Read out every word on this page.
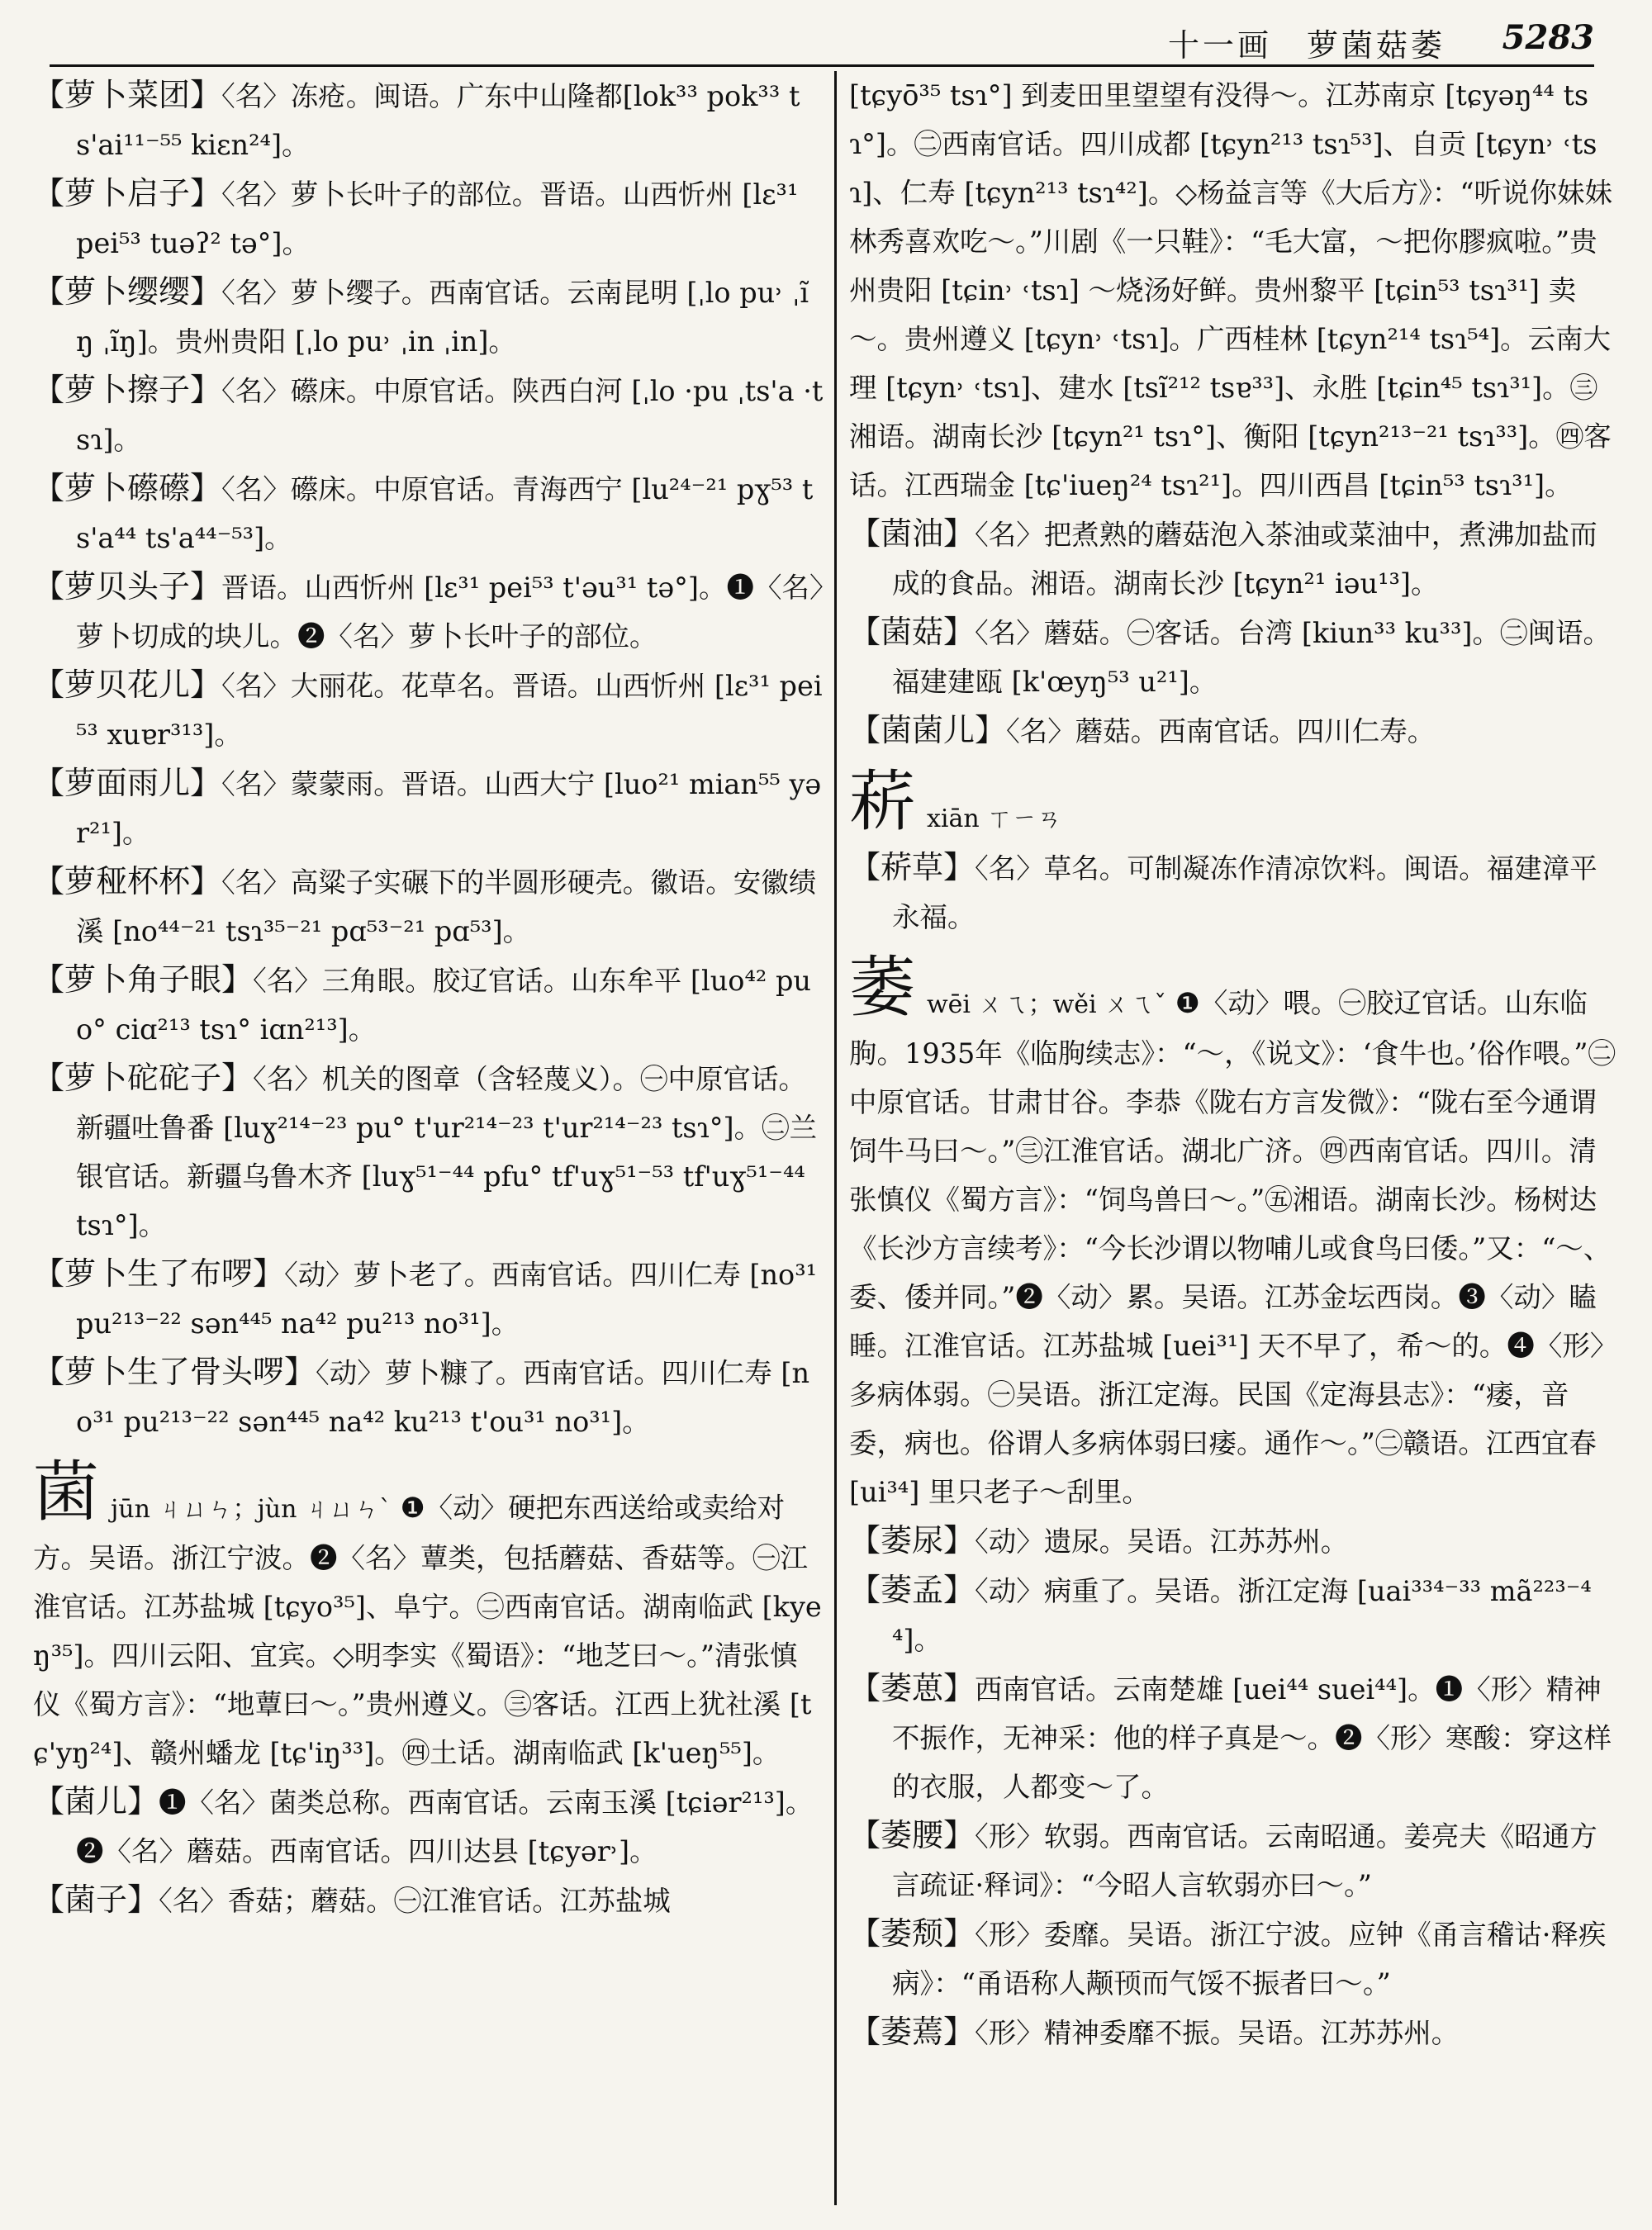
十一画　萝菌菇萎 5283

【萝卜菜团】〈名〉冻疮。闽语。广东中山隆都[lok³³ pok³³ ts'ai¹¹⁻⁵⁵ kiɛn²⁴]。

【萝卜启子】〈名〉萝卜长叶子的部位。晋语。山西忻州 [lɛ³¹ pei⁵³ tuəʔ² tə°]。

【萝卜缨缨】〈名〉萝卜缨子。西南官话。云南昆明 [ˌlo pu˒ ˌĩŋ ˌĩŋ]。贵州贵阳 [ˌlo pu˒ ˌin ˌin]。

【萝卜擦子】〈名〉礤床。中原官话。陕西白河 [ˌlo ·pu ˌts'a ·tsɿ]。

【萝卜礤礤】〈名〉礤床。中原官话。青海西宁 [lu²⁴⁻²¹ pɣ⁵³ ts'a⁴⁴ ts'a⁴⁴⁻⁵³]。

【萝贝头子】晋语。山西忻州 [lɛ³¹ pei⁵³ t'əu³¹ tə°]。❶〈名〉萝卜切成的块儿。❷〈名〉萝卜长叶子的部位。

【萝贝花儿】〈名〉大丽花。花草名。晋语。山西忻州 [lɛ³¹ pei⁵³ xuɐr³¹³]。

【萝面雨儿】〈名〉蒙蒙雨。晋语。山西大宁 [luo²¹ mian⁵⁵ yər²¹]。

【萝䅉杯杯】〈名〉高粱子实碾下的半圆形硬壳。徽语。安徽绩溪 [no⁴⁴⁻²¹ tsɿ³⁵⁻²¹ pɑ⁵³⁻²¹ pɑ⁵³]。

【萝卜角子眼】〈名〉三角眼。胶辽官话。山东牟平 [luo⁴² puo° ciɑ²¹³ tsɿ° iɑn²¹³]。

【萝卜砣砣子】〈名〉机关的图章（含轻蔑义）。㊀中原官话。新疆吐鲁番 [luɣ²¹⁴⁻²³ pu° t'ur²¹⁴⁻²³ t'ur²¹⁴⁻²³ tsɿ°]。㊁兰银官话。新疆乌鲁木齐 [luɣ⁵¹⁻⁴⁴ pfu° tf'uɣ⁵¹⁻⁵³ tf'uɣ⁵¹⁻⁴⁴ tsɿ°]。

【萝卜生了布啰】〈动〉萝卜老了。西南官话。四川仁寿 [no³¹ pu²¹³⁻²² sən⁴⁴⁵ na⁴² pu²¹³ no³¹]。

【萝卜生了骨头啰】〈动〉萝卜糠了。西南官话。四川仁寿 [no³¹ pu²¹³⁻²² sən⁴⁴⁵ na⁴² ku²¹³ t'ou³¹ no³¹]。

菌jūn ㄐㄩㄣ；jùn ㄐㄩㄣˋ ❶〈动〉硬把东西送给或卖给对方。吴语。浙江宁波。❷〈名〉蕈类，包括蘑菇、香菇等。㊀江淮官话。江苏盐城 [tɕyo³⁵]、阜宁。㊁西南官话。湖南临武 [kyeŋ³⁵]。四川云阳、宜宾。◇明李实《蜀语》：“地芝曰～。”清张慎仪《蜀方言》：“地蕈曰～。”贵州遵义。㊂客话。江西上犹社溪 [tɕ'yŋ²⁴]、赣州蟠龙 [tɕ'iŋ³³]。㊃土话。湖南临武 [k'ueŋ⁵⁵]。

【菌儿】❶〈名〉菌类总称。西南官话。云南玉溪 [tɕiər²¹³]。❷〈名〉蘑菇。西南官话。四川达县 [tɕyər˒]。

【菌子】〈名〉香菇；蘑菇。㊀江淮官话。江苏盐城

[tɕyō³⁵ tsɿ°] 到麦田里望望有没得～。江苏南京 [tɕyəŋ⁴⁴ tsɿ°]。㊁西南官话。四川成都 [tɕyn²¹³ tsɿ⁵³]、自贡 [tɕyn˒ ˓tsɿ]、仁寿 [tɕyn²¹³ tsɿ⁴²]。◇杨益言等《大后方》：“听说你妹妹林秀喜欢吃～。”川剧《一只鞋》：“毛大富，～把你膠疯啦。”贵州贵阳 [tɕin˒ ˓tsɿ] ～烧汤好鲜。贵州黎平 [tɕin⁵³ tsɿ³¹] 卖～。贵州遵义 [tɕyn˒ ˓tsɿ]。广西桂林 [tɕyn²¹⁴ tsɿ⁵⁴]。云南大理 [tɕyn˒ ˓tsɿ]、建水 [tsĩ²¹² tsɐ³³]、永胜 [tɕin⁴⁵ tsɿ³¹]。㊂湘语。湖南长沙 [tɕyn²¹ tsɿ°]、衡阳 [tɕyn²¹³⁻²¹ tsɿ³³]。㊃客话。江西瑞金 [tɕ'iueŋ²⁴ tsɿ²¹]。四川西昌 [tɕin⁵³ tsɿ³¹]。

【菌油】〈名〉把煮熟的蘑菇泡入茶油或菜油中，煮沸加盐而成的食品。湘语。湖南长沙 [tɕyn²¹ iəu¹³]。

【菌菇】〈名〉蘑菇。㊀客话。台湾 [kiun³³ ku³³]。㊁闽语。福建建瓯 [k'œyŋ⁵³ u²¹]。

【菌菌儿】〈名〉蘑菇。西南官话。四川仁寿。

菥xiān ㄒㄧㄢ

【菥草】〈名〉草名。可制凝冻作清凉饮料。闽语。福建漳平永福。

萎wēi ㄨㄟ；wěi ㄨㄟˇ ❶〈动〉喂。㊀胶辽官话。山东临朐。1935年《临朐续志》：“～，《说文》：‘食牛也。’俗作喂。”㊁中原官话。甘肃甘谷。李恭《陇右方言发微》：“陇右至今通谓饲牛马曰～。”㊂江淮官话。湖北广济。㊃西南官话。四川。清张慎仪《蜀方言》：“饲鸟兽曰～。”㊄湘语。湖南长沙。杨树达《长沙方言续考》：“今长沙谓以物哺儿或食鸟曰倭。”又：“～、委、倭并同。”❷〈动〉累。吴语。江苏金坛西岗。❸〈动〉瞌睡。江淮官话。江苏盐城 [uei³¹] 天不早了，希～的。❹〈形〉多病体弱。㊀吴语。浙江定海。民国《定海县志》：“痿，音委，病也。俗谓人多病体弱曰痿。通作～。”㊁赣语。江西宜春 [ui³⁴] 里只老子～刮里。

【萎尿】〈动〉遗尿。吴语。江苏苏州。

【萎孟】〈动〉病重了。吴语。浙江定海 [uai³³⁴⁻³³ mã²²³⁻⁴⁴]。

【萎葸】西南官话。云南楚雄 [uei⁴⁴ suei⁴⁴]。❶〈形〉精神不振作，无神采：他的样子真是～。❷〈形〉寒酸：穿这样的衣服，人都变～了。

【萎腰】〈形〉软弱。西南官话。云南昭通。姜亮夫《昭通方言疏证·释词》：“今昭人言软弱亦曰～。”

【萎颓】〈形〉委靡。吴语。浙江宁波。应钟《甬言稽诂·释疾病》：“甬语称人颟顸而气馁不振者曰～。”

【萎蔫】〈形〉精神委靡不振。吴语。江苏苏州。
